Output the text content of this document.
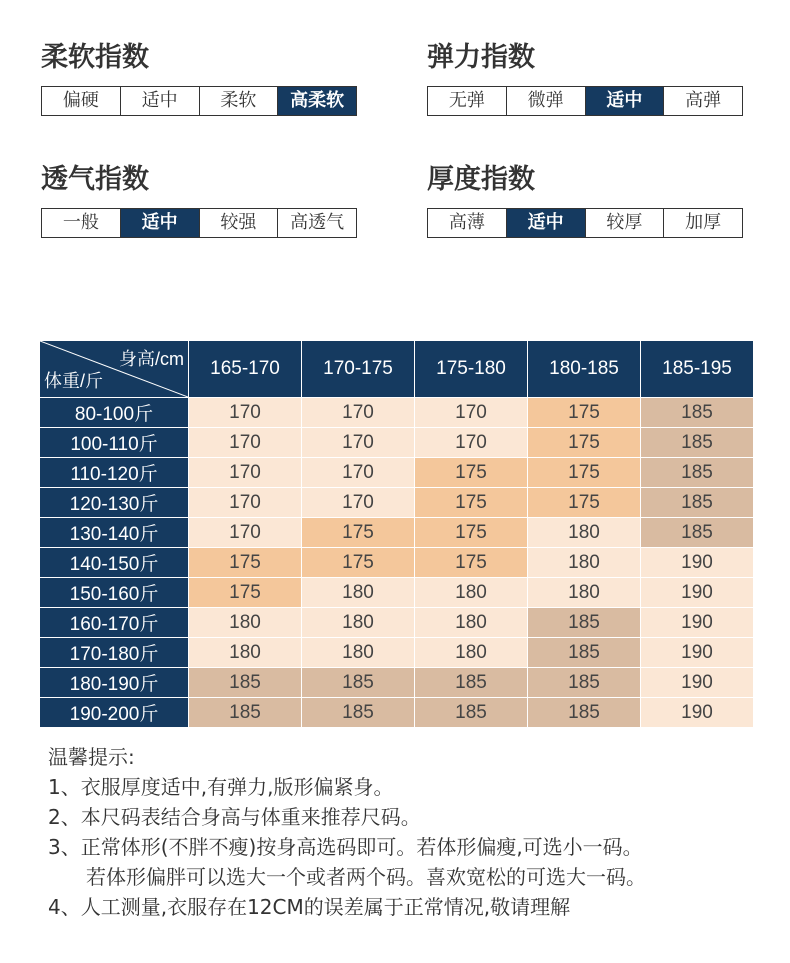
柔软指数
偏硬	适中	柔软	高柔软
弹力指数
无弹	微弹	适中	高弹
透气指数
一般	适中	较强	高透气
厚度指数
高薄	适中	较厚	加厚
身高/cm
体重/斤	165-170	170-175	175-180	180-185	185-195
80-100斤	170	170	170	175	185
100-110斤	170	170	170	175	185
110-120斤	170	170	175	175	185
120-130斤	170	170	175	175	185
130-140斤	170	175	175	180	185
140-150斤	175	175	175	180	190
150-160斤	175	180	180	180	190
160-170斤	180	180	180	185	190
170-180斤	180	180	180	185	190
180-190斤	185	185	185	185	190
190-200斤	185	185	185	185	190

温馨提示:

1、衣服厚度适中,有弹力,版形偏紧身。

2、本尺码表结合身高与体重来推荐尺码。

3、正常体形(不胖不瘦)按身高选码即可。若体形偏瘦,可选小一码。

若体形偏胖可以选大一个或者两个码。喜欢宽松的可选大一码。

4、人工测量,衣服存在12CM的误差属于正常情况,敬请理解
